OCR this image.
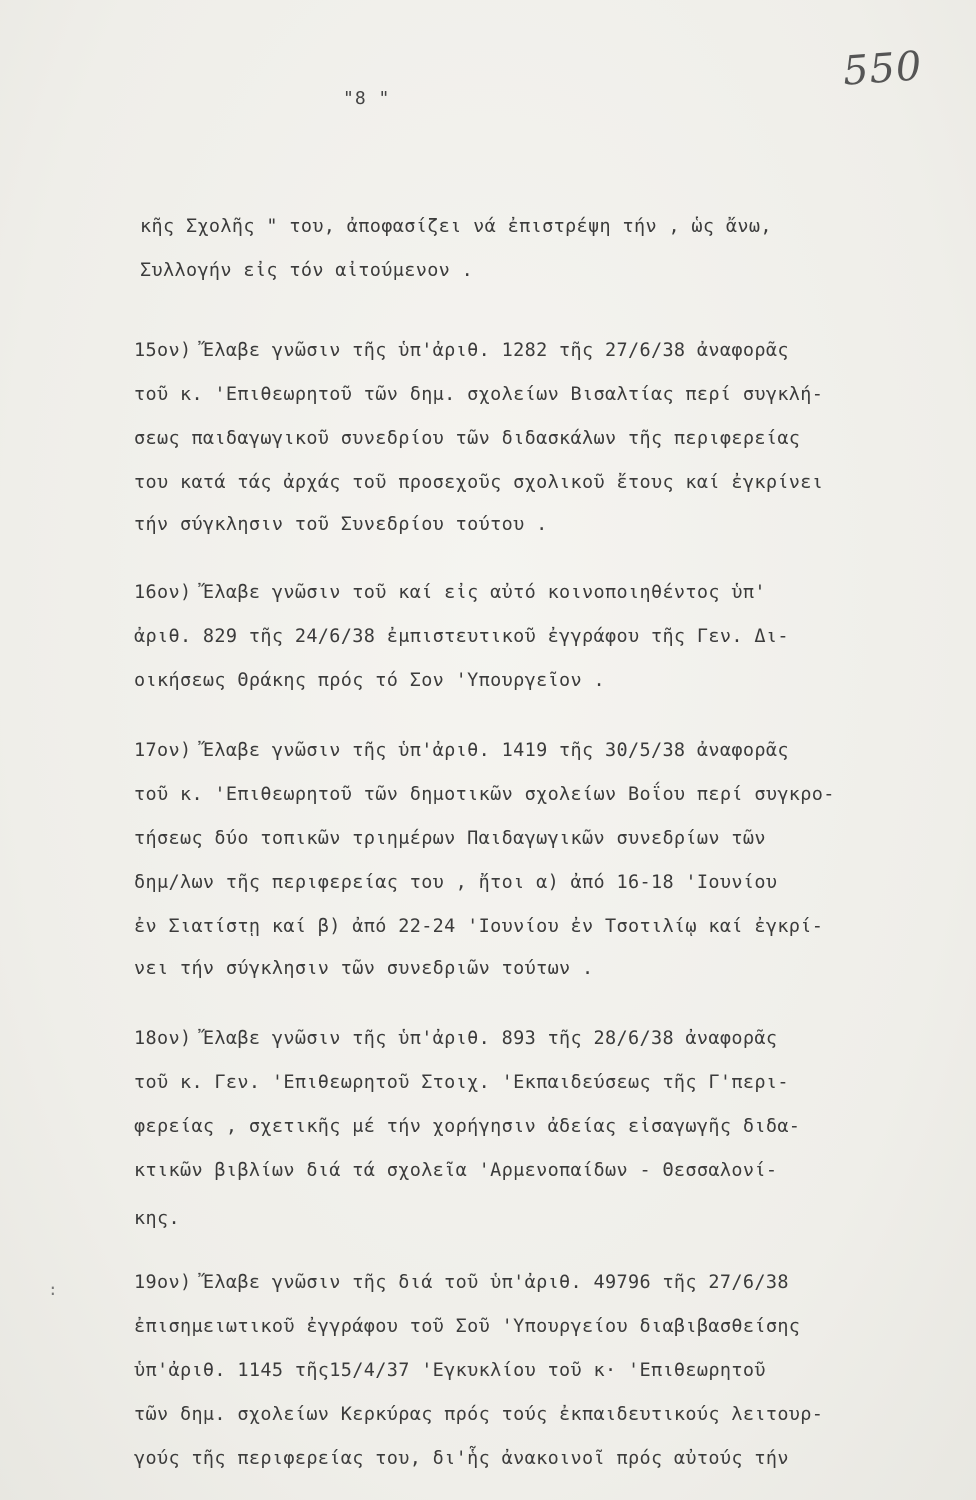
550
"8 "
:
κῆς Σχολῆς " του, ἀποφασίζει νά ἐπιστρέψη τήν , ὡς ἄνω,
Συλλογήν εἰς τόν αἰτούμενον .
15ον) Ἔλαβε γνῶσιν τῆς ὑπ'ἀριθ. 1282 τῆς 27/6/38 ἀναφορᾶς
τοῦ κ. 'Επιθεωρητοῦ τῶν δημ. σχολείων Βισαλτίας περί συγκλή-
σεως παιδαγωγικοῦ συνεδρίου τῶν διδασκάλων τῆς περιφερείας
του κατά τάς ἀρχάς τοῦ προσεχοῦς σχολικοῦ ἔτους καί ἐγκρίνει
τήν σύγκλησιν τοῦ Συνεδρίου τούτου .
16ον) Ἔλαβε γνῶσιν τοῦ καί εἰς αὐτό κοινοποιηθέντος ὑπ'
ἀριθ. 829 τῆς 24/6/38 ἐμπιστευτικοῦ ἐγγράφου τῆς Γεν. Δι-
οικήσεως Θράκης πρός τό Σον 'Υπουργεῖον .
17ον) Ἔλαβε γνῶσιν τῆς ὑπ'ἀριθ. 1419 τῆς 30/5/38 ἀναφορᾶς
τοῦ κ. 'Επιθεωρητοῦ τῶν δημοτικῶν σχολείων Βοΐου περί συγκρο-
τήσεως δύο τοπικῶν τριημέρων Παιδαγωγικῶν συνεδρίων τῶν
δημ/λων τῆς περιφερείας του , ἤτοι α) ἀπό 16-18 'Ιουνίου
ἐν Σιατίστῃ καί β) ἀπό 22-24 'Ιουνίου ἐν Τσοτιλίῳ καί ἐγκρί-
νει τήν σύγκλησιν τῶν συνεδριῶν τούτων .
18ον) Ἔλαβε γνῶσιν τῆς ὑπ'ἀριθ. 893 τῆς 28/6/38 ἀναφορᾶς
τοῦ κ. Γεν. 'Επιθεωρητοῦ Στοιχ. 'Εκπαιδεύσεως τῆς Γ'περι-
φερείας , σχετικῆς μέ τήν χορήγησιν ἀδείας εἰσαγωγῆς διδα-
κτικῶν βιβλίων διά τά σχολεῖα 'Αρμενοπαίδων - Θεσσαλονί-
κης.
19ον) Ἔλαβε γνῶσιν τῆς διά τοῦ ὑπ'ἀριθ. 49796 τῆς 27/6/38
ἐπισημειωτικοῦ ἐγγράφου τοῦ Σοῦ 'Υπουργείου διαβιβασθείσης
ὑπ'ἀριθ. 1145 τῆς15/4/37 'Εγκυκλίου τοῦ κ· 'Επιθεωρητοῦ
τῶν δημ. σχολείων Κερκύρας πρός τούς ἐκπαιδευτικούς λειτουρ-
γούς τῆς περιφερείας του, δι'ἧς ἀνακοινοῖ πρός αὐτούς τήν
